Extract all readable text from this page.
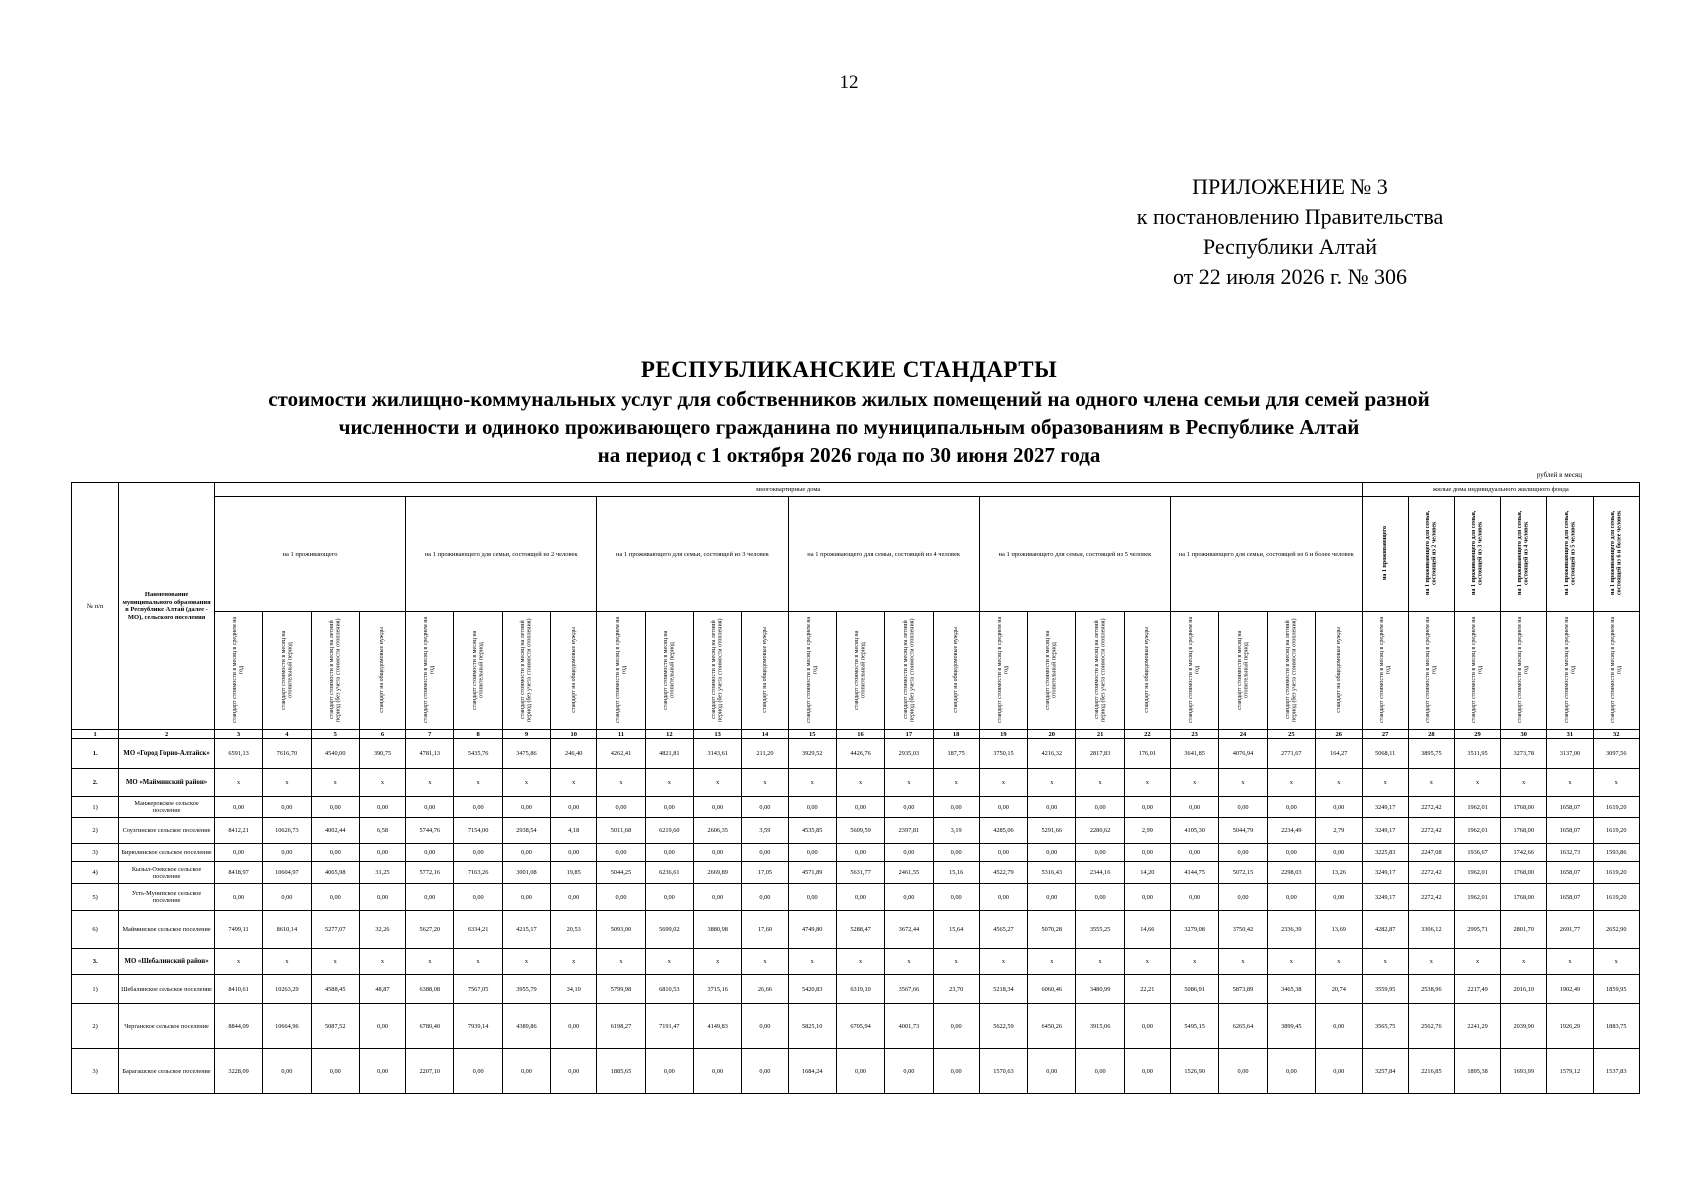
12
ПРИЛОЖЕНИЕ № 3
к постановлению Правительства
Республики Алтай
от 22 июля 2026 г. № 306
РЕСПУБЛИКАНСКИЕ СТАНДАРТЫ
стоимости жилищно-коммунальных услуг для собственников жилых помещений на одного члена семьи для семей разной
численности и одиноко проживающего гражданина по муниципальным образованиям в Республике Алтай
на период с 1 октября 2026 года по 30 июня 2027 года
рублей в месяц
№ п/п	Наименование муниципального образования в Республике Алтай (далее - МО), сельского поселения	многоквартирные дома																								жилые дома индивидуального жилищного фонда					
		на 1 проживающего				на 1 проживающего для семьи, состоящей из 2 человек				на 1 проживающего для семьи, состоящей из 3 человек				на 1 проживающего для семьи, состоящей из 4 человек				на 1 проживающего для семьи, состоящей из 5 человек				на 1 проживающего для семьи, состоящей из 6 и более человек				на 1 проживающего	на 1 проживающего для семьи, состоящей из 2 человек	на 1 проживающего для семьи, состоящей из 3 человек	на 1 проживающего для семьи, состоящей из 4 человек	на 1 проживающего для семьи, состоящей из 5 человек	на 1 проживающего для семьи, состоящей из 6 и более человек
		стандарт стоимости в месяц в среднем на год	стандарт стоимости в месяц на отопительный период	стандарт стоимости в месяц на летний период (без учета стоимости отопления)	стандарт на общедомовые нужды	стандарт стоимости в месяц в среднем на год	стандарт стоимости в месяц на отопительный период	стандарт стоимости в месяц на летний период (без учета стоимости отопления)	стандарт на общедомовые нужды	стандарт стоимости в месяц в среднем на год	стандарт стоимости в месяц на отопительный период	стандарт стоимости в месяц на летний период (без учета стоимости отопления)	стандарт на общедомовые нужды	стандарт стоимости в месяц в среднем на год	стандарт стоимости в месяц на отопительный период	стандарт стоимости в месяц на летний период (без учета стоимости отопления)	стандарт на общедомовые нужды	стандарт стоимости в месяц в среднем на год	стандарт стоимости в месяц на отопительный период	стандарт стоимости в месяц на летний период (без учета стоимости отопления)	стандарт на общедомовые нужды	стандарт стоимости в месяц в среднем на год	стандарт стоимости в месяц на отопительный период	стандарт стоимости в месяц на летний период (без учета стоимости отопления)	стандарт на общедомовые нужды	стандарт стоимости в месяц в среднем на год	стандарт стоимости в месяц в среднем на год	стандарт стоимости в месяц в среднем на год	стандарт стоимости в месяц в среднем на год	стандарт стоимости в месяц в среднем на год	стандарт стоимости в месяц в среднем на год
1	2	3	4	5	6	7	8	9	10	11	12	13	14	15	16	17	18	19	20	21	22	23	24	25	26	27	28	29	30	31	32
1.	МО «Город Горно-Алтайск»	6591,13	7616,70	4540,00	390,75	4781,13	5435,76	3475,86	246,40	4262,41	4821,81	3143,61	211,20	3929,52	4426,76	2935,03	187,75	3750,15	4216,32	2817,83	176,01	3641,85	4076,94	2771,67	164,27	5068,11	3895,75	3511,95	3273,78	3137,00	3097,56
2.	МО «Майминский район»	x	x	x	x	x	x	x	x	x	x	x	x	x	x	x	x	x	x	x	x	x	x	x	x	x	x	x	x	x	x
1)	Манжерокское сельское поселение	0,00	0,00	0,00	0,00	0,00	0,00	0,00	0,00	0,00	0,00	0,00	0,00	0,00	0,00	0,00	0,00	0,00	0,00	0,00	0,00	0,00	0,00	0,00	0,00	3249,17	2272,42	1962,01	1768,00	1658,07	1619,20
2)	Соузгинское сельское поселение	8412,21	10626,73	4002,44	6,58	5744,76	7154,00	2938,54	4,18	5011,68	6219,60	2606,35	3,59	4535,85	5609,59	2397,81	3,19	4285,06	5291,66	2280,62	2,99	4105,30	5044,79	2234,49	2,79	3249,17	2272,42	1962,01	1768,00	1658,07	1619,20
3)	Бирюлинское сельское поселение	0,00	0,00	0,00	0,00	0,00	0,00	0,00	0,00	0,00	0,00	0,00	0,00	0,00	0,00	0,00	0,00	0,00	0,00	0,00	0,00	0,00	0,00	0,00	0,00	3225,83	2247,08	1936,67	1742,66	1632,73	1593,86
4)	Кызыл-Озекское сельское поселение	8418,97	10604,97	4065,98	31,25	5772,16	7163,26	3001,08	19,85	5044,25	6236,61	2669,89	17,05	4571,89	5631,77	2461,55	15,16	4522,79	5316,43	2344,16	14,20	4144,75	5072,15	2298,03	13,26	3249,17	2272,42	1962,01	1768,00	1658,07	1619,20
5)	Усть-Мунинское сельское поселение	0,00	0,00	0,00	0,00	0,00	0,00	0,00	0,00	0,00	0,00	0,00	0,00	0,00	0,00	0,00	0,00	0,00	0,00	0,00	0,00	0,00	0,00	0,00	0,00	3249,17	2272,42	1962,01	1768,00	1658,07	1619,20
6)	Майминское сельское поселение	7499,11	8610,14	5277,07	32,26	5627,20	6334,21	4215,17	20,53	5093,00	5699,02	3880,98	17,60	4749,80	5288,47	3672,44	15,64	4565,27	5070,28	3555,25	14,66	3279,08	3750,42	2336,39	13,69	4282,87	3306,12	2995,71	2801,70	2691,77	2652,90
3.	МО «Шебалинский район»	x	x	x	x	x	x	x	x	x	x	x	x	x	x	x	x	x	x	x	x	x	x	x	x	x	x	x	x	x	x
1)	Шебалинское сельское поселение	8410,61	10263,29	4588,45	48,87	6388,08	7567,05	3955,79	34,10	5799,98	6810,53	3715,16	26,66	5420,83	6319,10	3567,66	23,70	5218,34	6060,46	3480,99	22,21	5086,91	5873,89	3465,38	20,74	3559,95	2538,96	2217,49	2016,10	1902,49	1859,95
2)	Черганское сельское поселение	8844,09	10664,96	5087,52	0,00	6780,40	7939,14	4389,86	0,00	6198,27	7191,47	4149,83	0,00	5825,10	6705,94	4001,73	0,00	5622,59	6450,26	3915,06	0,00	5495,15	6265,64	3899,45	0,00	3565,75	2562,76	2241,29	2039,90	1926,29	1883,75
3)	Барагашское сельское поселение	3228,09	0,00	0,00	0,00	2207,10	0,00	0,00	0,00	1885,65	0,00	0,00	0,00	1684,24	0,00	0,00	0,00	1570,63	0,00	0,00	0,00	1526,90	0,00	0,00	0,00	3257,84	2216,85	1895,38	1693,99	1579,12	1537,83
